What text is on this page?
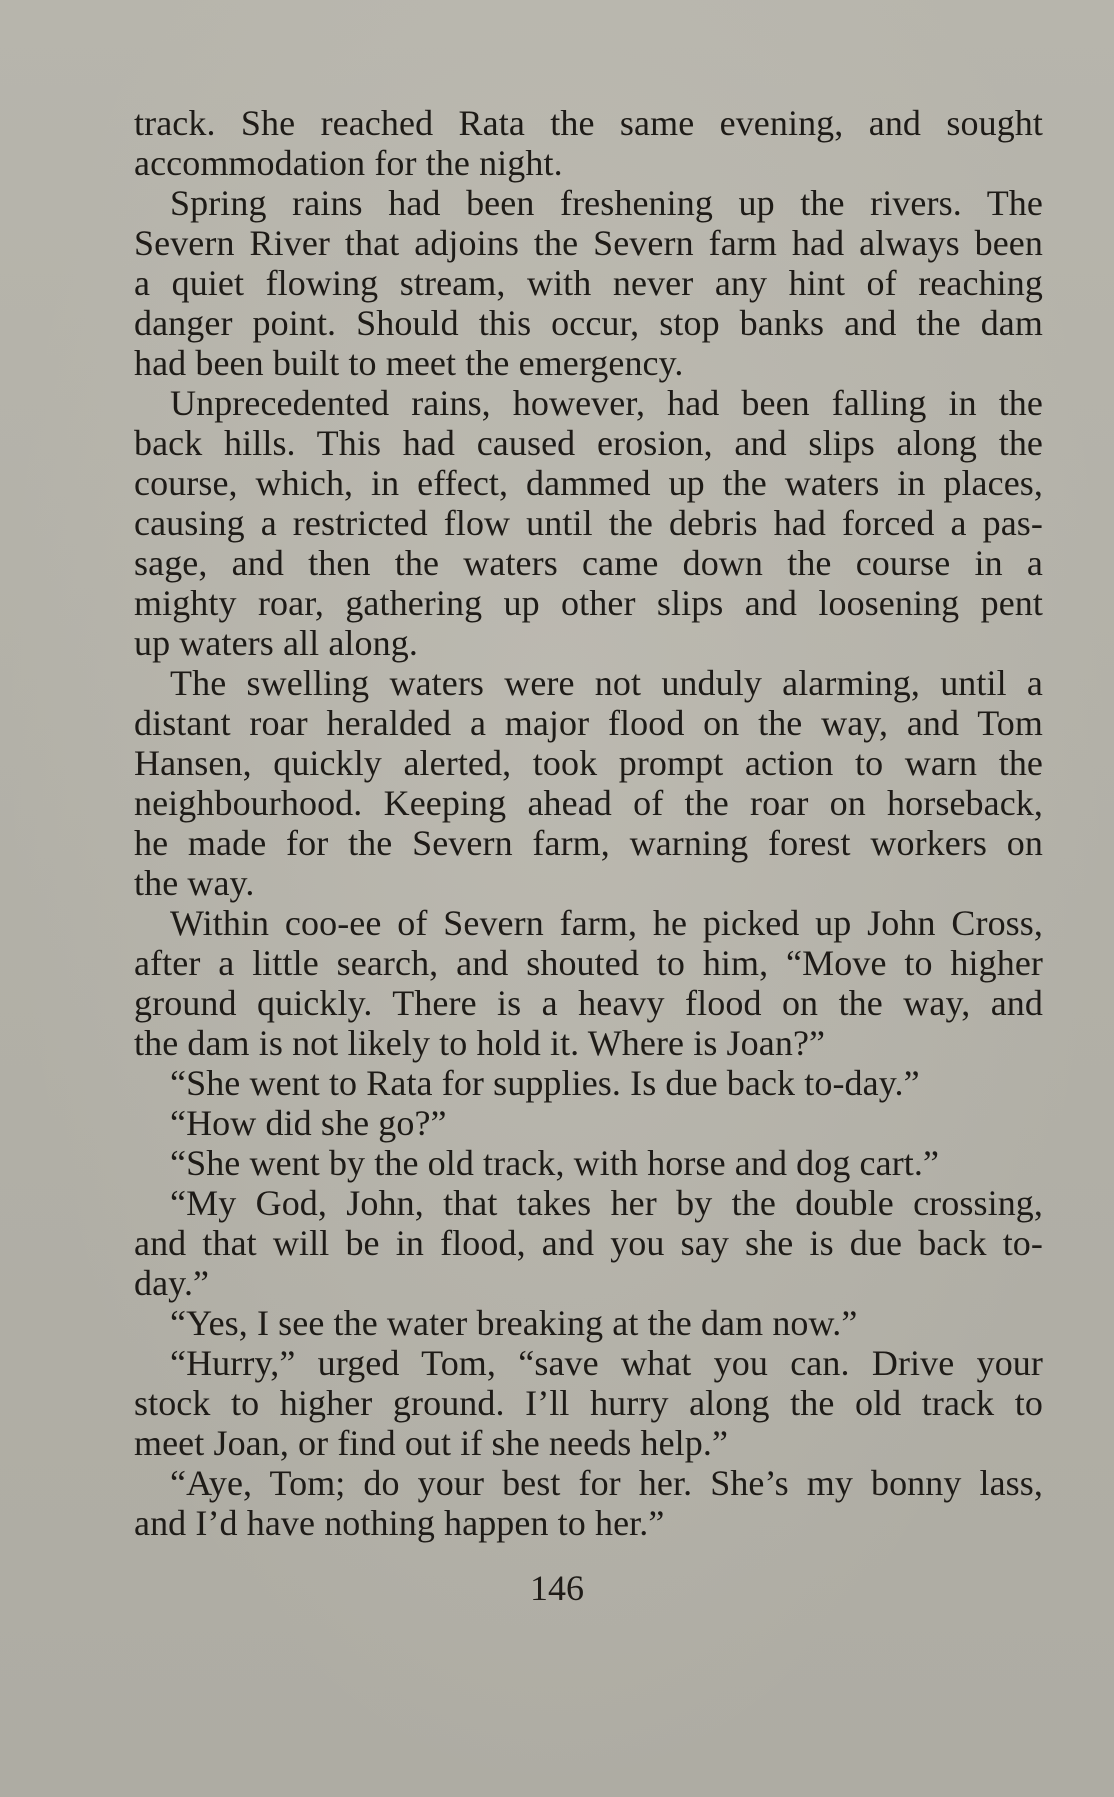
track. She reached Rata the same evening, and sought
accommodation for the night.
Spring rains had been freshening up the rivers. The
Severn River that adjoins the Severn farm had always been
a quiet flowing stream, with never any hint of reaching
danger point. Should this occur, stop banks and the dam
had been built to meet the emergency.
Unprecedented rains, however, had been falling in the
back hills. This had caused erosion, and slips along the
course, which, in effect, dammed up the waters in places,
causing a restricted flow until the debris had forced a pas-
sage, and then the waters came down the course in a
mighty roar, gathering up other slips and loosening pent
up waters all along.
The swelling waters were not unduly alarming, until a
distant roar heralded a major flood on the way, and Tom
Hansen, quickly alerted, took prompt action to warn the
neighbourhood. Keeping ahead of the roar on horseback,
he made for the Severn farm, warning forest workers on
the way.
Within coo-ee of Severn farm, he picked up John Cross,
after a little search, and shouted to him, “Move to higher
ground quickly. There is a heavy flood on the way, and
the dam is not likely to hold it. Where is Joan?”
“She went to Rata for supplies. Is due back to-day.”
“How did she go?”
“She went by the old track, with horse and dog cart.”
“My God, John, that takes her by the double crossing,
and that will be in flood, and you say she is due back to-
day.”
“Yes, I see the water breaking at the dam now.”
“Hurry,” urged Tom, “save what you can. Drive your
stock to higher ground. I’ll hurry along the old track to
meet Joan, or find out if she needs help.”
“Aye, Tom; do your best for her. She’s my bonny lass,
and I’d have nothing happen to her.”
146
